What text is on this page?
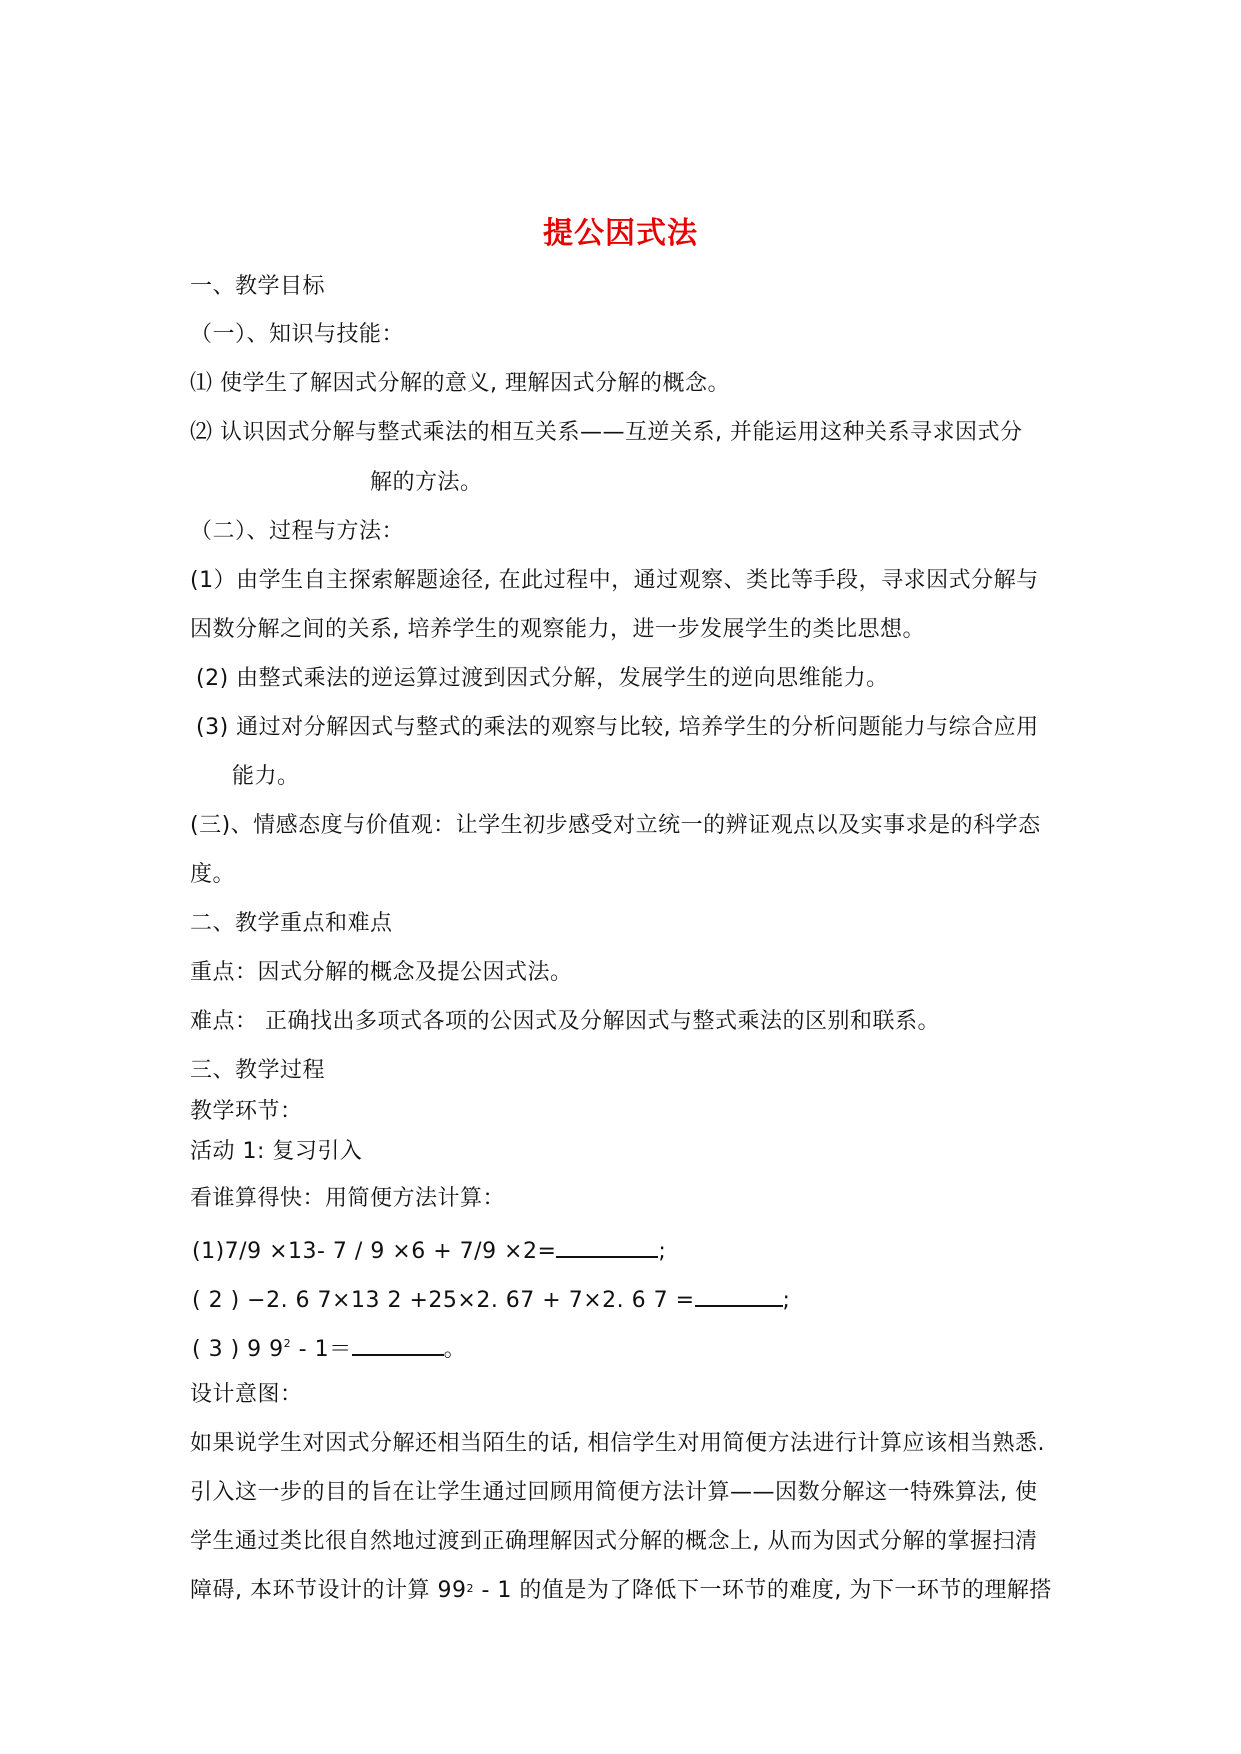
提公因式法
一、教学目标
（一）、知识与技能：
⑴ 使学生了解因式分解的意义, 理解因式分解的概念。
⑵ 认识因式分解与整式乘法的相互关系——互逆关系, 并能运用这种关系寻求因式分
解的方法。
（二）、过程与方法：
(1）由学生自主探索解题途径, 在此过程中，通过观察、类比等手段，寻求因式分解与
因数分解之间的关系, 培养学生的观察能力，进一步发展学生的类比思想。
(2) 由整式乘法的逆运算过渡到因式分解，发展学生的逆向思维能力。
(3) 通过对分解因式与整式的乘法的观察与比较, 培养学生的分析问题能力与综合应用
能力。
(三)、情感态度与价值观：让学生初步感受对立统一的辨证观点以及实事求是的科学态
度。
二、教学重点和难点
重点：因式分解的概念及提公因式法。
难点： 正确找出多项式各项的公因式及分解因式与整式乘法的区别和联系。
三、教学过程
教学环节：
活动 1: 复习引入
看谁算得快：用简便方法计算：
(1)7/9 ×13- 7 / 9 ×6 + 7/9 ×2=	;
( 2 ) −2. 6 7×13 2 +25×2. 67 + 7×2. 6 7 =	;
( 3 ) 9 $9^2 - 1=$	。
设计意图：
如果说学生对因式分解还相当陌生的话, 相信学生对用简便方法进行计算应该相当熟悉.
引入这一步的目的旨在让学生通过回顾用简便方法计算——因数分解这一特殊算法, 使
学生通过类比很自然地过渡到正确理解因式分解的概念上, 从而为因式分解的掌握扫清
障碍, 本环节设计的计算 $99^2 - 1$ 的值是为了降低下一环节的难度, 为下一环节的理解搭
